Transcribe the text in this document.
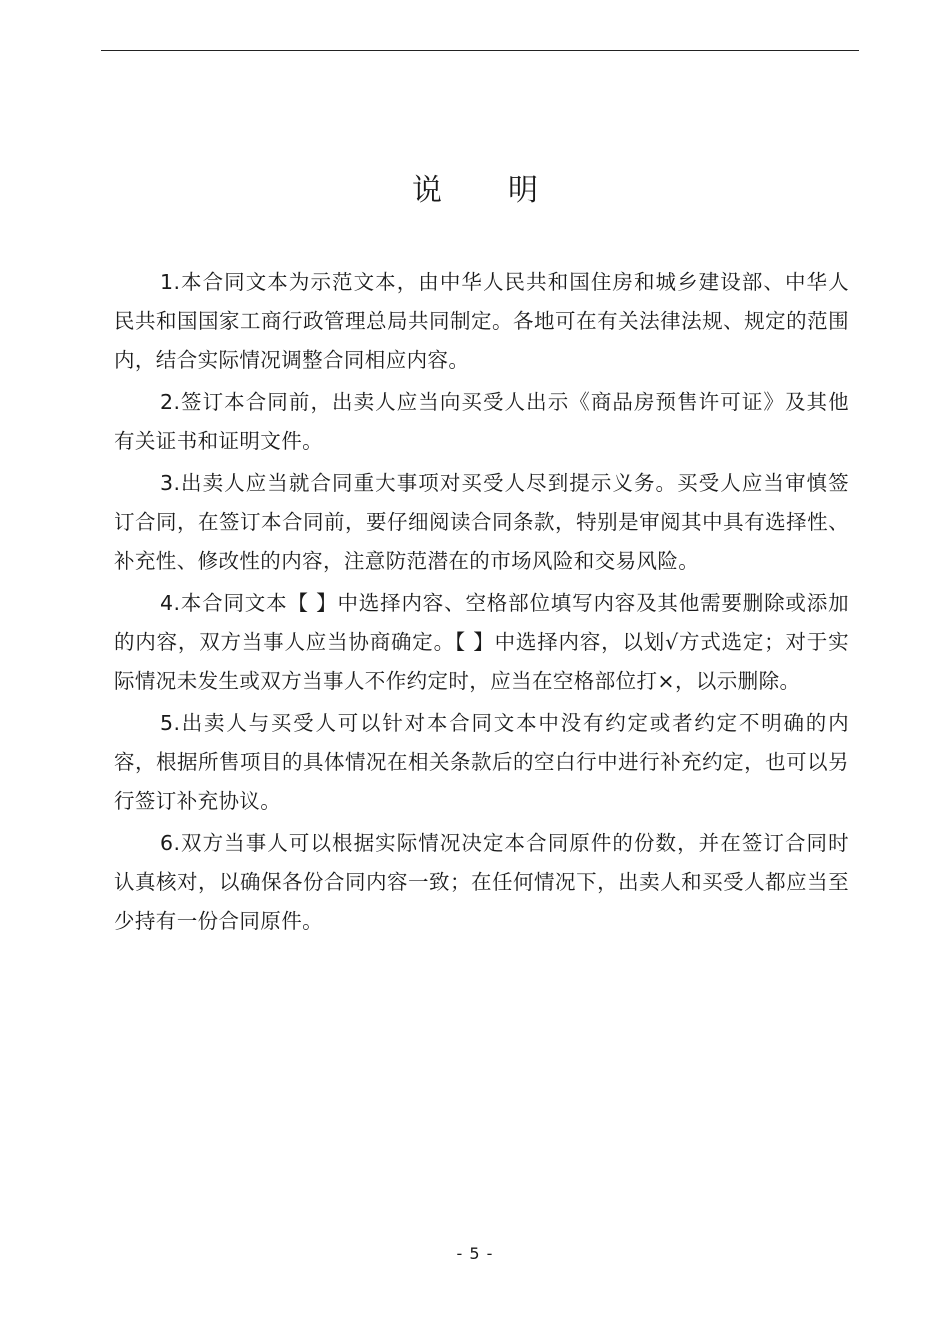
说 明

1.本合同文本为示范文本，由中华人民共和国住房和城乡建设部、中华人民共和国国家工商行政管理总局共同制定。各地可在有关法律法规、规定的范围内，结合实际情况调整合同相应内容。

2.签订本合同前，出卖人应当向买受人出示《商品房预售许可证》及其他有关证书和证明文件。

3.出卖人应当就合同重大事项对买受人尽到提示义务。买受人应当审慎签订合同，在签订本合同前，要仔细阅读合同条款，特别是审阅其中具有选择性、补充性、修改性的内容，注意防范潜在的市场风险和交易风险。

4.本合同文本【 】中选择内容、空格部位填写内容及其他需要删除或添加的内容，双方当事人应当协商确定。【 】中选择内容，以划√方式选定；对于实际情况未发生或双方当事人不作约定时，应当在空格部位打×，以示删除。

5.出卖人与买受人可以针对本合同文本中没有约定或者约定不明确的内容，根据所售项目的具体情况在相关条款后的空白行中进行补充约定，也可以另行签订补充协议。

6.双方当事人可以根据实际情况决定本合同原件的份数，并在签订合同时认真核对，以确保各份合同内容一致；在任何情况下，出卖人和买受人都应当至少持有一份合同原件。

- 5 -
